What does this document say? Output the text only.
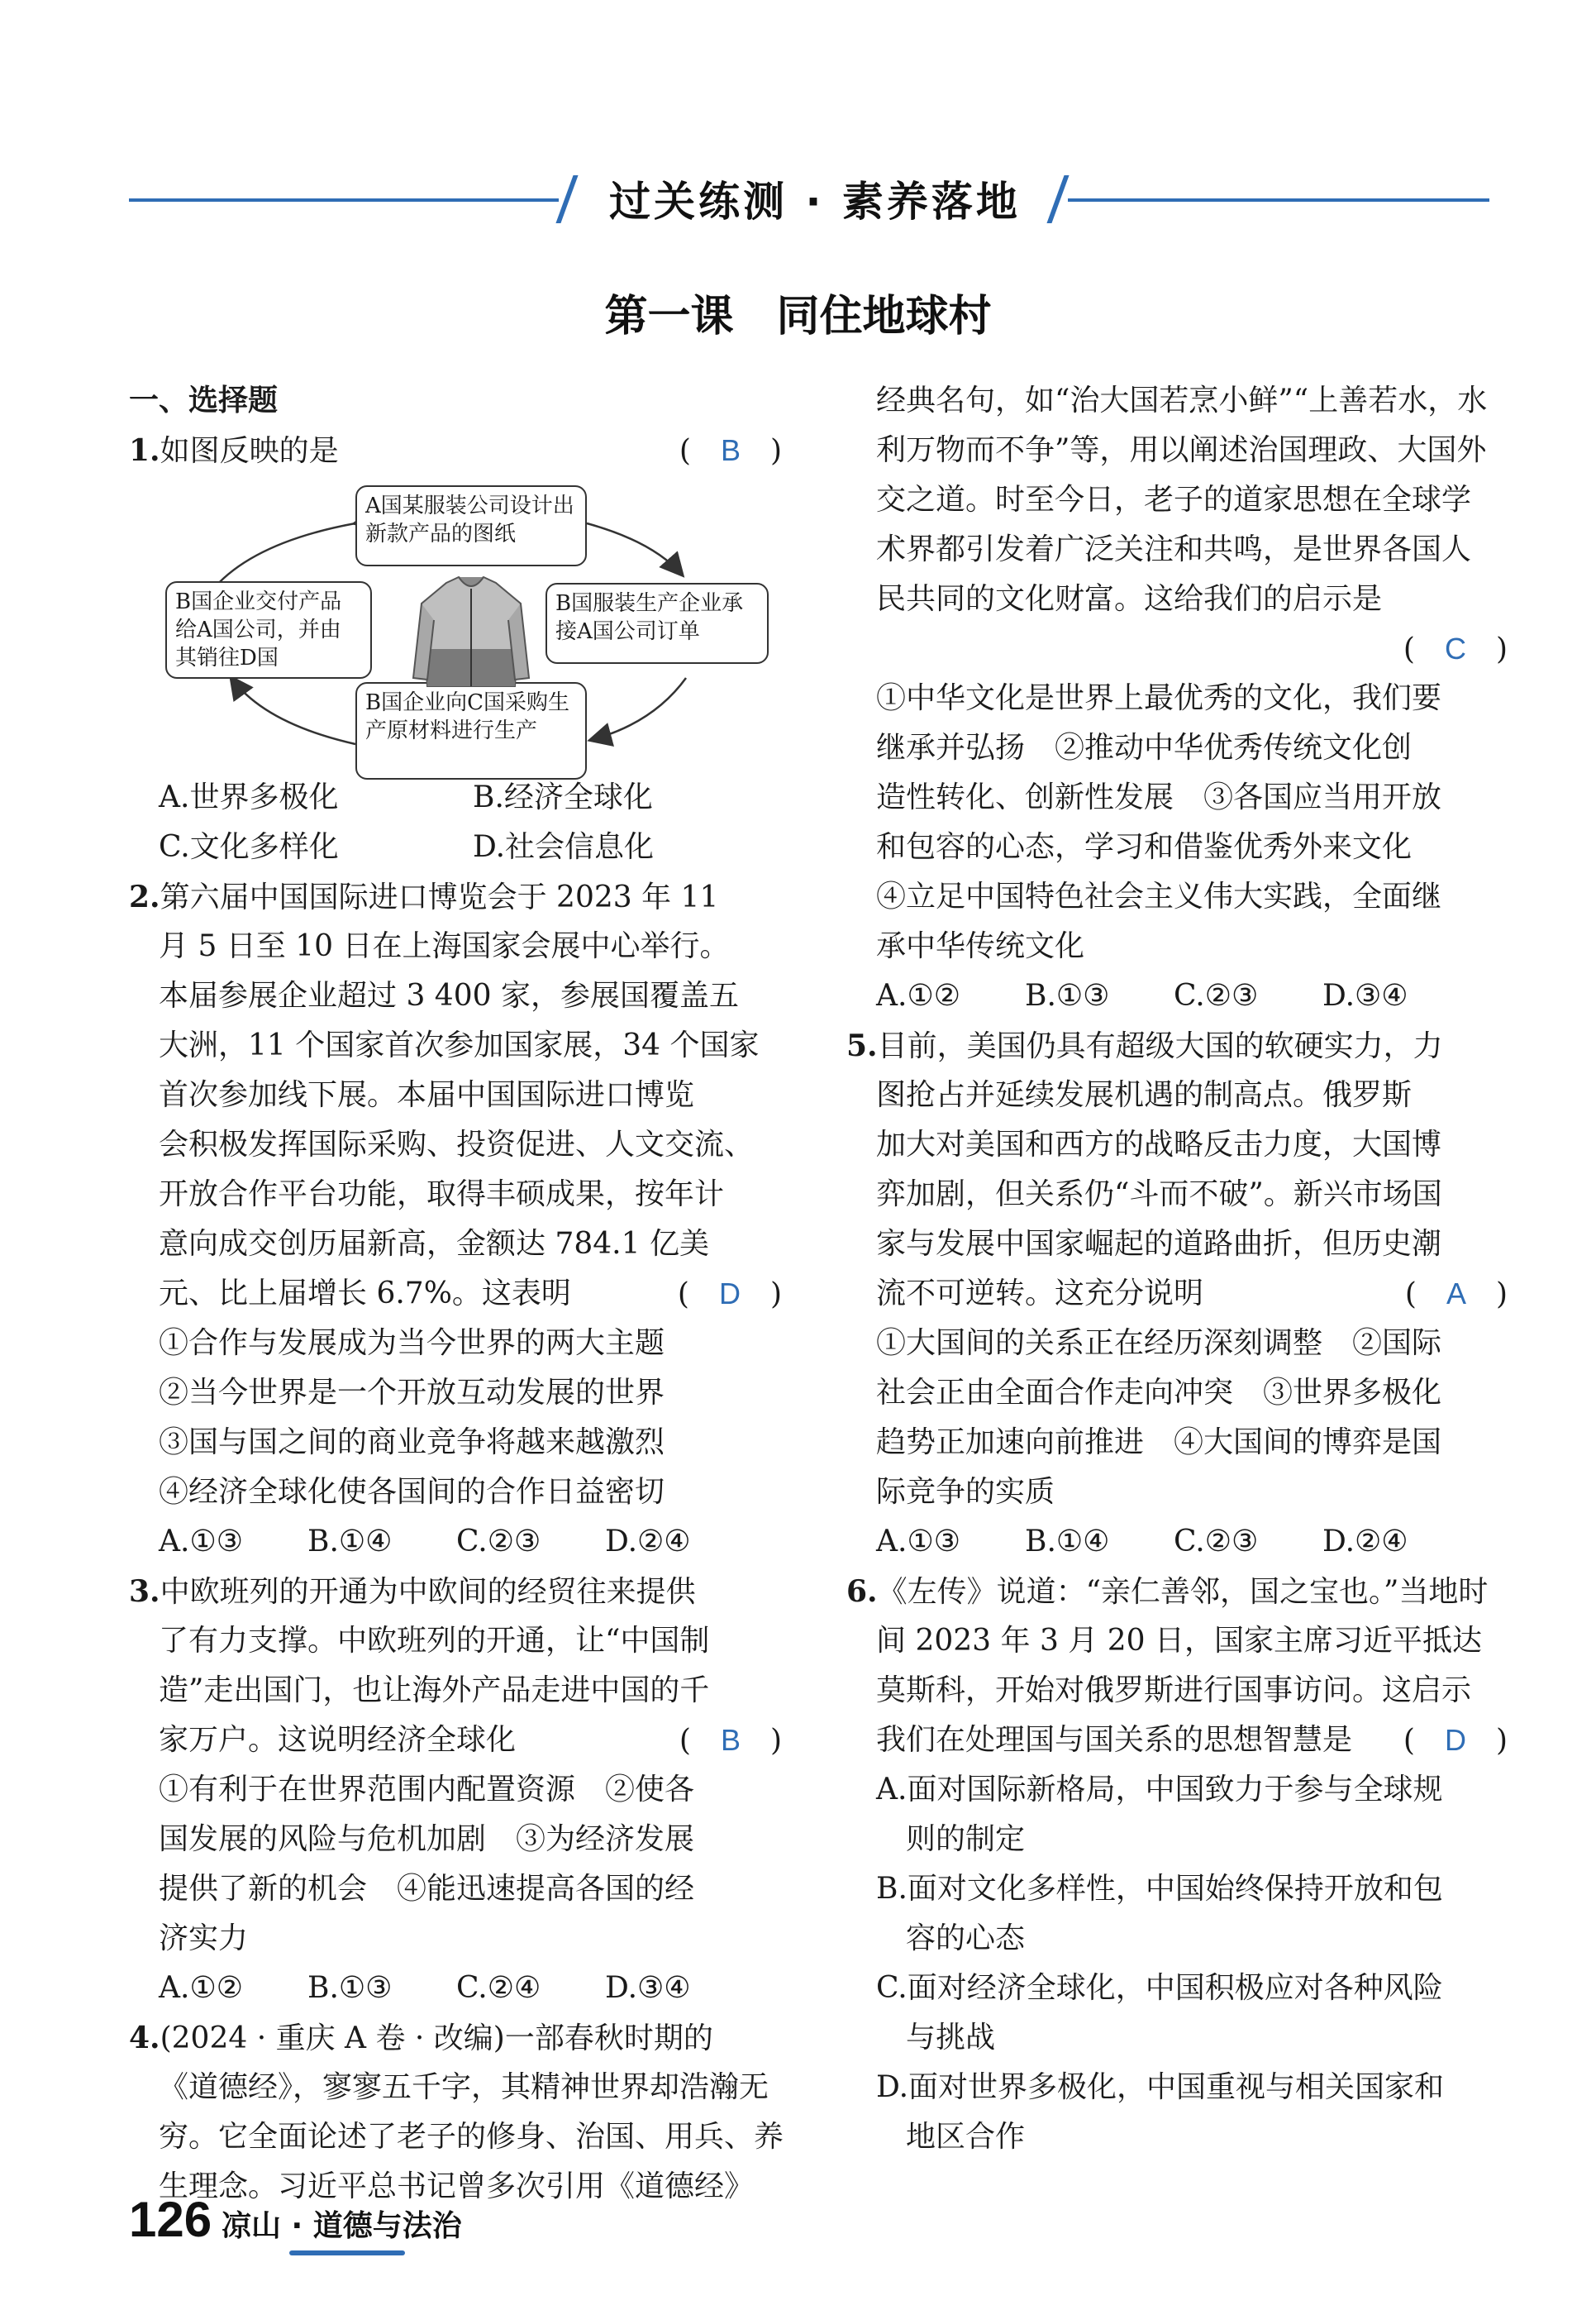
过关练测 · 素养落地
第一课　同住地球村
一、选择题
1.如图反映的是	(　B　)
A.世界多极化	B.经济全球化
C.文化多样化	D.社会信息化
2.第六届中国国际进口博览会于 2023 年 11
月 5 日至 10 日在上海国家会展中心举行。
本届参展企业超过 3 400 家，参展国覆盖五
大洲，11 个国家首次参加国家展，34 个国家
首次参加线下展。本届中国国际进口博览
会积极发挥国际采购、投资促进、人文交流、
开放合作平台功能，取得丰硕成果，按年计
意向成交创历届新高，金额达 784.1 亿美
元、比上届增长 6.7%。这表明	(　D　)
①合作与发展成为当今世界的两大主题
②当今世界是一个开放互动发展的世界
③国与国之间的商业竞争将越来越激烈
④经济全球化使各国间的合作日益密切
A.①③ B.①④ C.②③ D.②④
3.中欧班列的开通为中欧间的经贸往来提供
了有力支撑。中欧班列的开通，让“中国制
造”走出国门，也让海外产品走进中国的千
家万户。这说明经济全球化	(　B　)
①有利于在世界范围内配置资源　②使各
国发展的风险与危机加剧　③为经济发展
提供了新的机会　④能迅速提高各国的经
济实力
A.①② B.①③ C.②④ D.③④
4.(2024 · 重庆 A 卷 · 改编)一部春秋时期的
《道德经》，寥寥五千字，其精神世界却浩瀚无
穷。它全面论述了老子的修身、治国、用兵、养
生理念。习近平总书记曾多次引用《道德经》
A国某服装公司设计出新款产品的图纸
B国服装生产企业承接A国公司订单
B国企业向C国采购生产原材料进行生产
B国企业交付产品给A国公司，并由其销往D国
经典名句，如“治大国若烹小鲜”“上善若水，水
利万物而不争”等，用以阐述治国理政、大国外
交之道。时至今日，老子的道家思想在全球学
术界都引发着广泛关注和共鸣，是世界各国人
民共同的文化财富。这给我们的启示是
(　C　)
①中华文化是世界上最优秀的文化，我们要
继承并弘扬　②推动中华优秀传统文化创
造性转化、创新性发展　③各国应当用开放
和包容的心态，学习和借鉴优秀外来文化
④立足中国特色社会主义伟大实践，全面继
承中华传统文化
A.①② B.①③ C.②③ D.③④
5.目前，美国仍具有超级大国的软硬实力，力
图抢占并延续发展机遇的制高点。俄罗斯
加大对美国和西方的战略反击力度，大国博
弈加剧，但关系仍“斗而不破”。新兴市场国
家与发展中国家崛起的道路曲折，但历史潮
流不可逆转。这充分说明	(　A　)
①大国间的关系正在经历深刻调整　②国际
社会正由全面合作走向冲突　③世界多极化
趋势正加速向前推进　④大国间的博弈是国
际竞争的实质
A.①③ B.①④ C.②③ D.②④
6.《左传》说道：“亲仁善邻，国之宝也。”当地时
间 2023 年 3 月 20 日，国家主席习近平抵达
莫斯科，开始对俄罗斯进行国事访问。这启示
我们在处理国与国关系的思想智慧是 (　D　)
A.面对国际新格局，中国致力于参与全球规
则的制定
B.面对文化多样性，中国始终保持开放和包
容的心态
C.面对经济全球化，中国积极应对各种风险
与挑战
D.面对世界多极化，中国重视与相关国家和
地区合作
126 凉山 · 道德与法治
